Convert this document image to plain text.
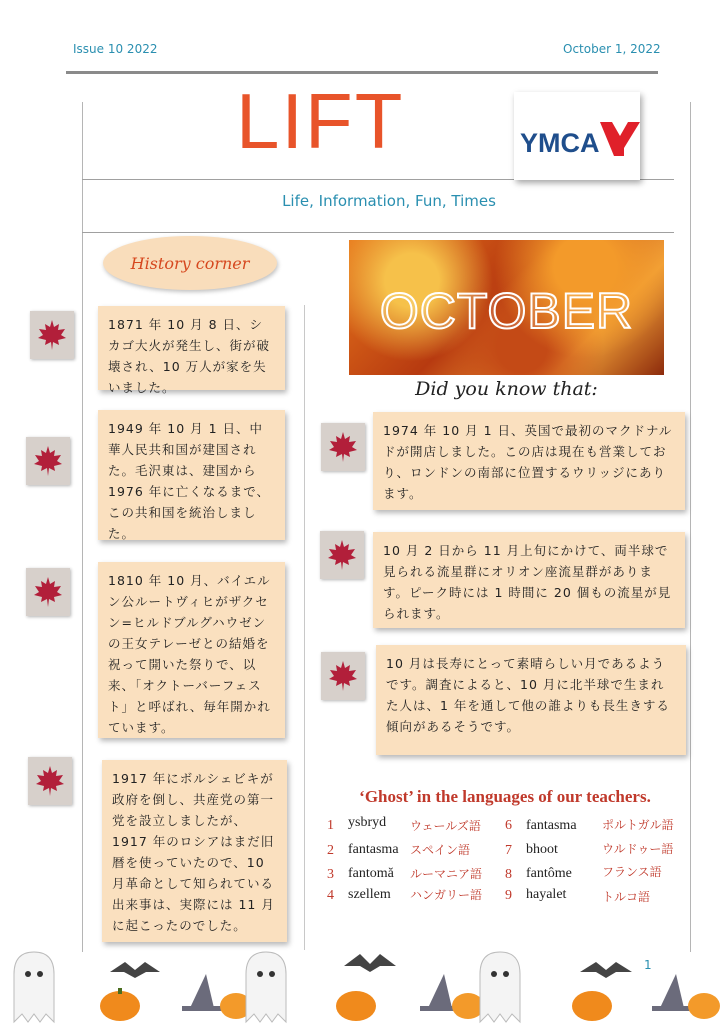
Issue 10 2022	October 1, 2022
LIFT	YMCA
Life, Information, Fun, Times
History corner
1871 年 10 月 8 日、シカゴ大火が発生し、街が破壊され、10 万人が家を失いました。
1949 年 10 月 1 日、中華人民共和国が建国された。毛沢東は、建国から 1976 年に亡くなるまで、この共和国を統治しました。
1810 年 10 月、バイエルン公ルートヴィヒがザクセン=ヒルドブルグハウゼンの王女テレーゼとの結婚を祝って開いた祭りで、以来、「オクトーバーフェスト」と呼ばれ、毎年開かれています。
1917 年にボルシェビキが政府を倒し、共産党の第一党を設立しましたが、1917 年のロシアはまだ旧暦を使っていたので、10 月革命として知られている出来事は、実際には 11 月に起こったのでした。
OCTOBER
Did you know that:
1974 年 10 月 1 日、英国で最初のマクドナルドが開店しました。この店は現在も営業しており、ロンドンの南部に位置するウリッジにあります。
10 月 2 日から 11 月上旬にかけて、両半球で見られる流星群にオリオン座流星群があります。ピーク時には 1 時間に 20 個もの流星が見られます。
10 月は長寿にとって素晴らしい月であるようです。調査によると、10 月に北半球で生まれた人は、1 年を通して他の誰よりも長生きする傾向があるそうです。
‘Ghost’ in the languages of our teachers.
1 ysbryd ウェールズ語
2 fantasma スペイン語
3 fantomă ルーマニア語
4 szellem ハンガリー語
6 fantasma ポルトガル語
7 bhoot	ウルドゥー語
8 fantôme	フランス語
9 hayalet	トルコ語
1
